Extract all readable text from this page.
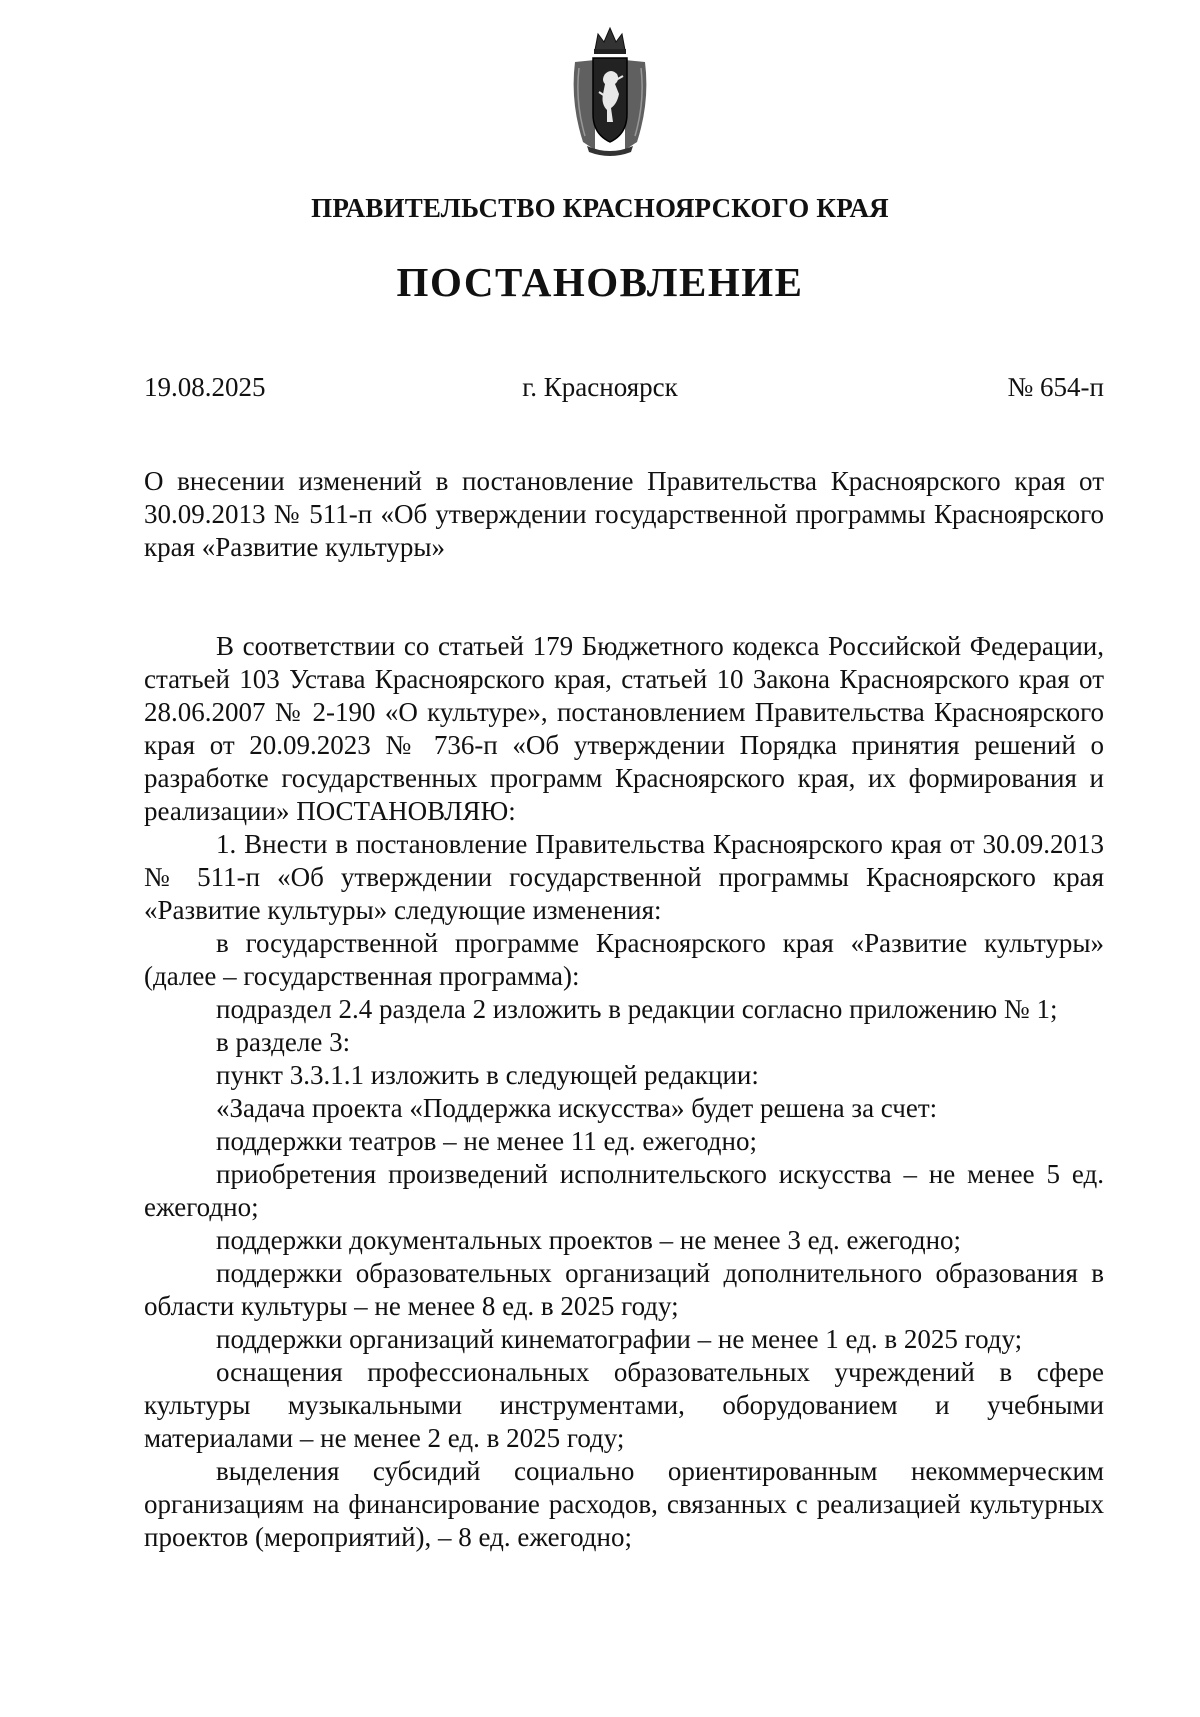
ПРАВИТЕЛЬСТВО КРАСНОЯРСКОГО КРАЯ
ПОСТАНОВЛЕНИЕ
19.08.2025	г. Красноярск	№ 654-п
О внесении изменений в постановление Правительства Красноярского края от 30.09.2013 № 511-п «Об утверждении государственной программы Красноярского края «Развитие культуры»

В соответствии со статьей 179 Бюджетного кодекса Российской Федерации, статьей 103 Устава Красноярского края, статьей 10 Закона Красноярского края от 28.06.2007 № 2-190 «О культуре», постановлением Правительства Красноярского края от 20.09.2023 № 736-п «Об утверждении Порядка принятия решений о разработке государственных программ Красноярского края, их формирования и реализации» ПОСТАНОВЛЯЮ:

1. Внести в постановление Правительства Красноярского края от 30.09.2013 № 511-п «Об утверждении государственной программы Красноярского края «Развитие культуры» следующие изменения:

в государственной программе Красноярского края «Развитие культуры» (далее – государственная программа):

подраздел 2.4 раздела 2 изложить в редакции согласно приложению № 1;

в разделе 3:

пункт 3.3.1.1 изложить в следующей редакции:

«Задача проекта «Поддержка искусства» будет решена за счет:

поддержки театров – не менее 11 ед. ежегодно;

приобретения произведений исполнительского искусства – не менее 5 ед. ежегодно;

поддержки документальных проектов – не менее 3 ед. ежегодно;

поддержки образовательных организаций дополнительного образования в области культуры – не менее 8 ед. в 2025 году;

поддержки организаций кинематографии – не менее 1 ед. в 2025 году;

оснащения профессиональных образовательных учреждений в сфере культуры музыкальными инструментами, оборудованием и учебными материалами – не менее 2 ед. в 2025 году;

выделения субсидий социально ориентированным некоммерческим организациям на финансирование расходов, связанных с реализацией культурных проектов (мероприятий), – 8 ед. ежегодно;
